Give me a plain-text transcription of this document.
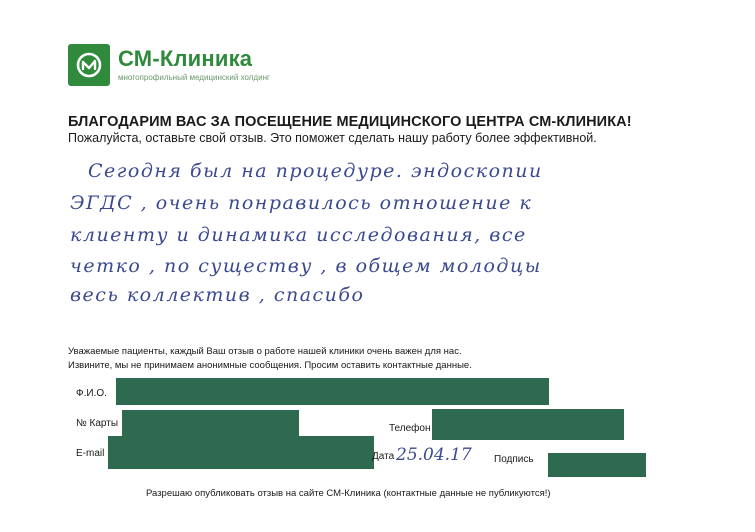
СМ-Клиника
многопрофильный медицинский холдинг
БЛАГОДАРИМ ВАС ЗА ПОСЕЩЕНИЕ МЕДИЦИНСКОГО ЦЕНТРА СМ-КЛИНИКА!
Пожалуйста, оставьте свой отзыв. Это поможет сделать нашу работу более эффективной.
Сегодня был на процедуре. эндоскопии
ЭГДС , очень понравилось отношение к
клиенту и динамика исследования, все
четко , по существу , в общем молодцы
весь коллектив , спасибо
Уважаемые пациенты, каждый Ваш отзыв о работе нашей клиники очень важен для нас.
Извините, мы не принимаем анонимные сообщения. Просим оставить контактные данные.
Ф.И.О.
№ Карты	Телефон
E-mail	Дата 25.04.17 Подпись
Разрешаю опубликовать отзыв на сайте СМ-Клиника (контактные данные не публикуются!)
